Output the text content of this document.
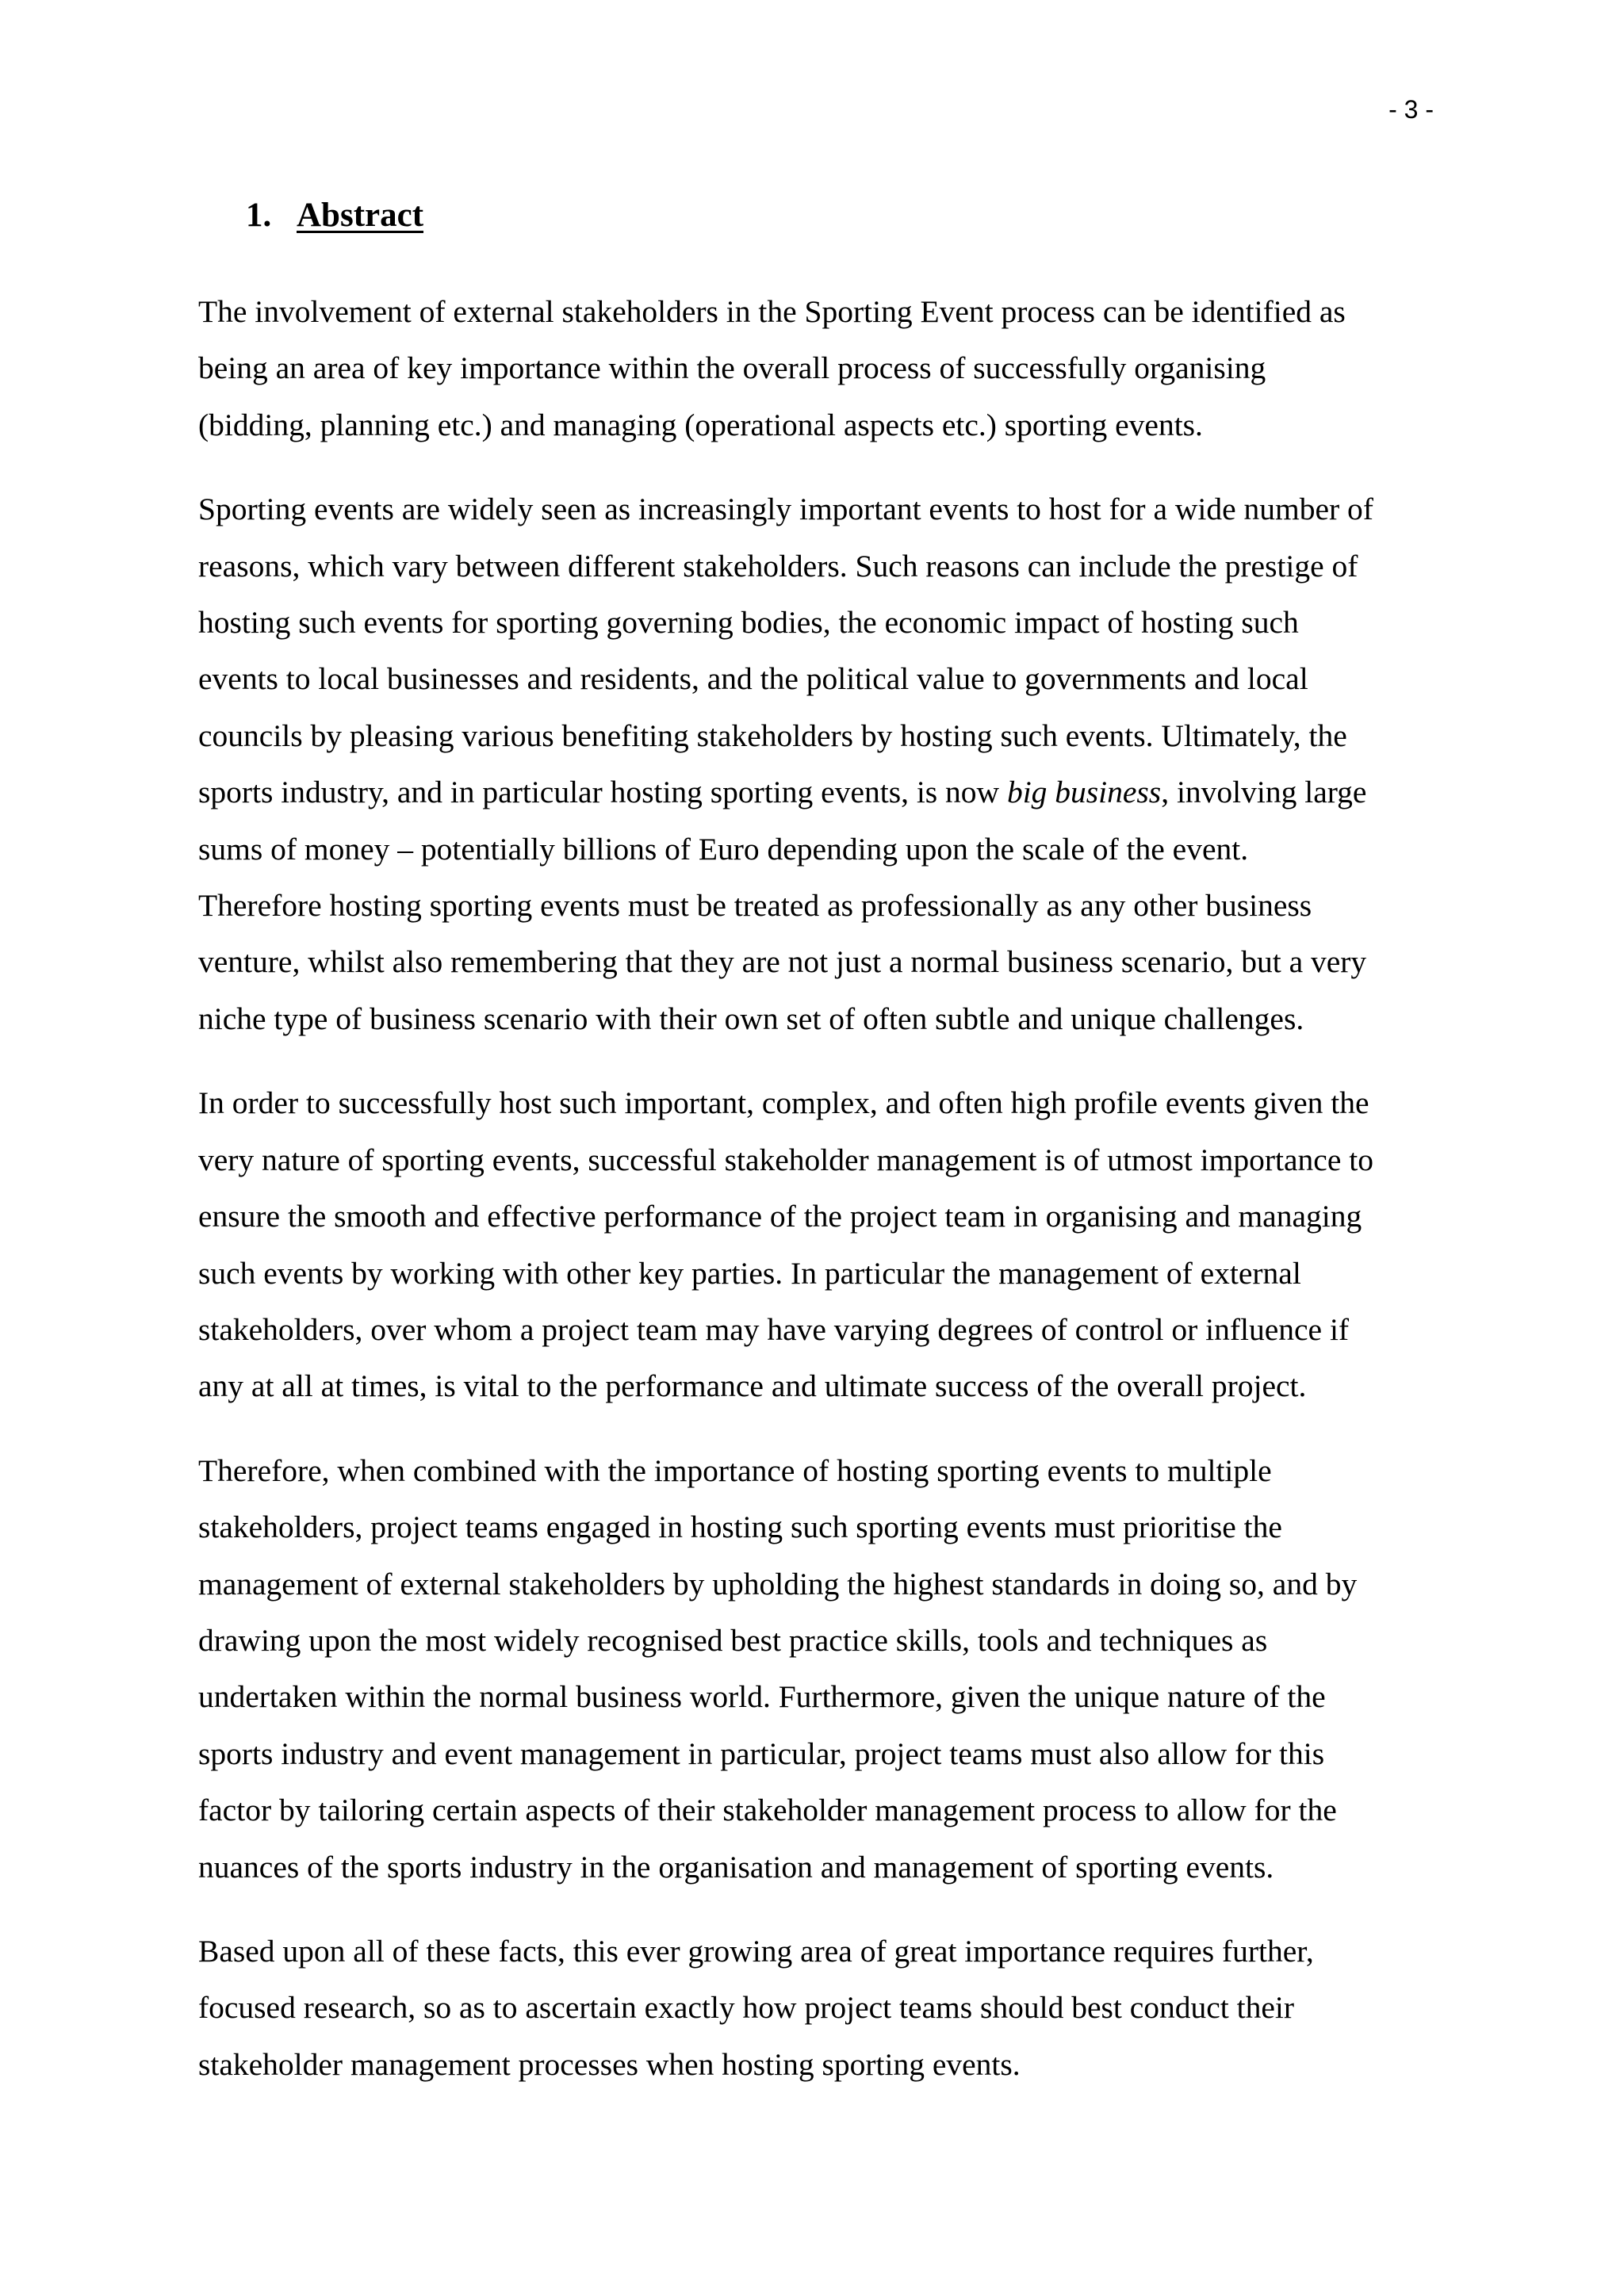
- 3 -
1. Abstract

The involvement of external stakeholders in the Sporting Event process can be identified as
being an area of key importance within the overall process of successfully organising
(bidding, planning etc.) and managing (operational aspects etc.) sporting events.

Sporting events are widely seen as increasingly important events to host for a wide number of
reasons, which vary between different stakeholders. Such reasons can include the prestige of
hosting such events for sporting governing bodies, the economic impact of hosting such
events to local businesses and residents, and the political value to governments and local
councils by pleasing various benefiting stakeholders by hosting such events. Ultimately, the
sports industry, and in particular hosting sporting events, is now big business, involving large
sums of money – potentially billions of Euro depending upon the scale of the event.
Therefore hosting sporting events must be treated as professionally as any other business
venture, whilst also remembering that they are not just a normal business scenario, but a very
niche type of business scenario with their own set of often subtle and unique challenges.

In order to successfully host such important, complex, and often high profile events given the
very nature of sporting events, successful stakeholder management is of utmost importance to
ensure the smooth and effective performance of the project team in organising and managing
such events by working with other key parties. In particular the management of external
stakeholders, over whom a project team may have varying degrees of control or influence if
any at all at times, is vital to the performance and ultimate success of the overall project.

Therefore, when combined with the importance of hosting sporting events to multiple
stakeholders, project teams engaged in hosting such sporting events must prioritise the
management of external stakeholders by upholding the highest standards in doing so, and by
drawing upon the most widely recognised best practice skills, tools and techniques as
undertaken within the normal business world. Furthermore, given the unique nature of the
sports industry and event management in particular, project teams must also allow for this
factor by tailoring certain aspects of their stakeholder management process to allow for the
nuances of the sports industry in the organisation and management of sporting events.

Based upon all of these facts, this ever growing area of great importance requires further,
focused research, so as to ascertain exactly how project teams should best conduct their
stakeholder management processes when hosting sporting events.
